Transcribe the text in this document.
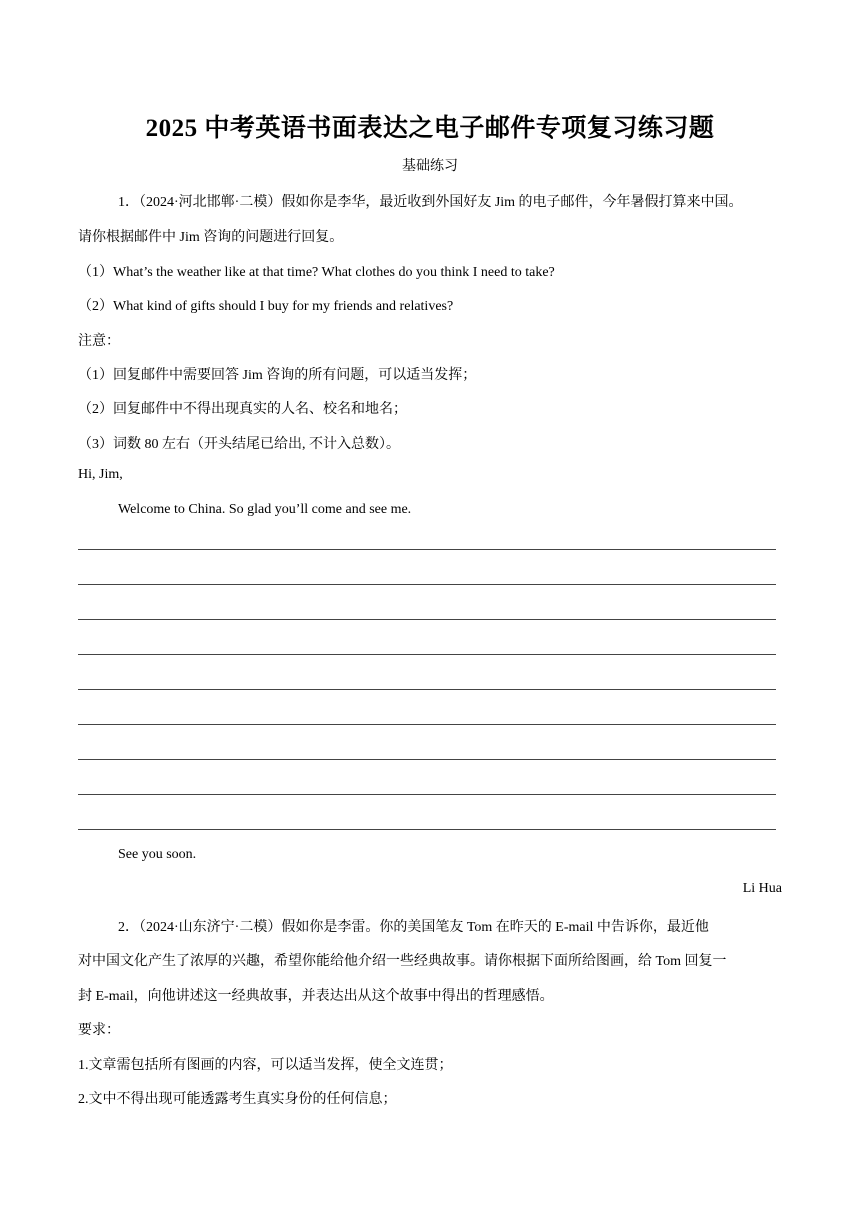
2025 中考英语书面表达之电子邮件专项复习练习题
基础练习
1．（2024·河北邯郸·二模）假如你是李华，最近收到外国好友 Jim 的电子邮件，今年暑假打算来中国。
请你根据邮件中 Jim 咨询的问题进行回复。
（1）What’s the weather like at that time? What clothes do you think I need to take?
（2）What kind of gifts should I buy for my friends and relatives?
注意：
（1）回复邮件中需要回答 Jim 咨询的所有问题，可以适当发挥；
（2）回复邮件中不得出现真实的人名、校名和地名；
（3）词数 80 左右（开头结尾已给出, 不计入总数）。
Hi, Jim,
Welcome to China. So glad you’ll come and see me.
See you soon.
Li Hua
2．（2024·山东济宁·二模）假如你是李雷。你的美国笔友 Tom 在昨天的 E-mail 中告诉你，最近他
对中国文化产生了浓厚的兴趣，希望你能给他介绍一些经典故事。请你根据下面所给图画，给 Tom 回复一
封 E-mail，向他讲述这一经典故事，并表达出从这个故事中得出的哲理感悟。
要求：
1.文章需包括所有图画的内容，可以适当发挥，使全文连贯；
2.文中不得出现可能透露考生真实身份的任何信息；
